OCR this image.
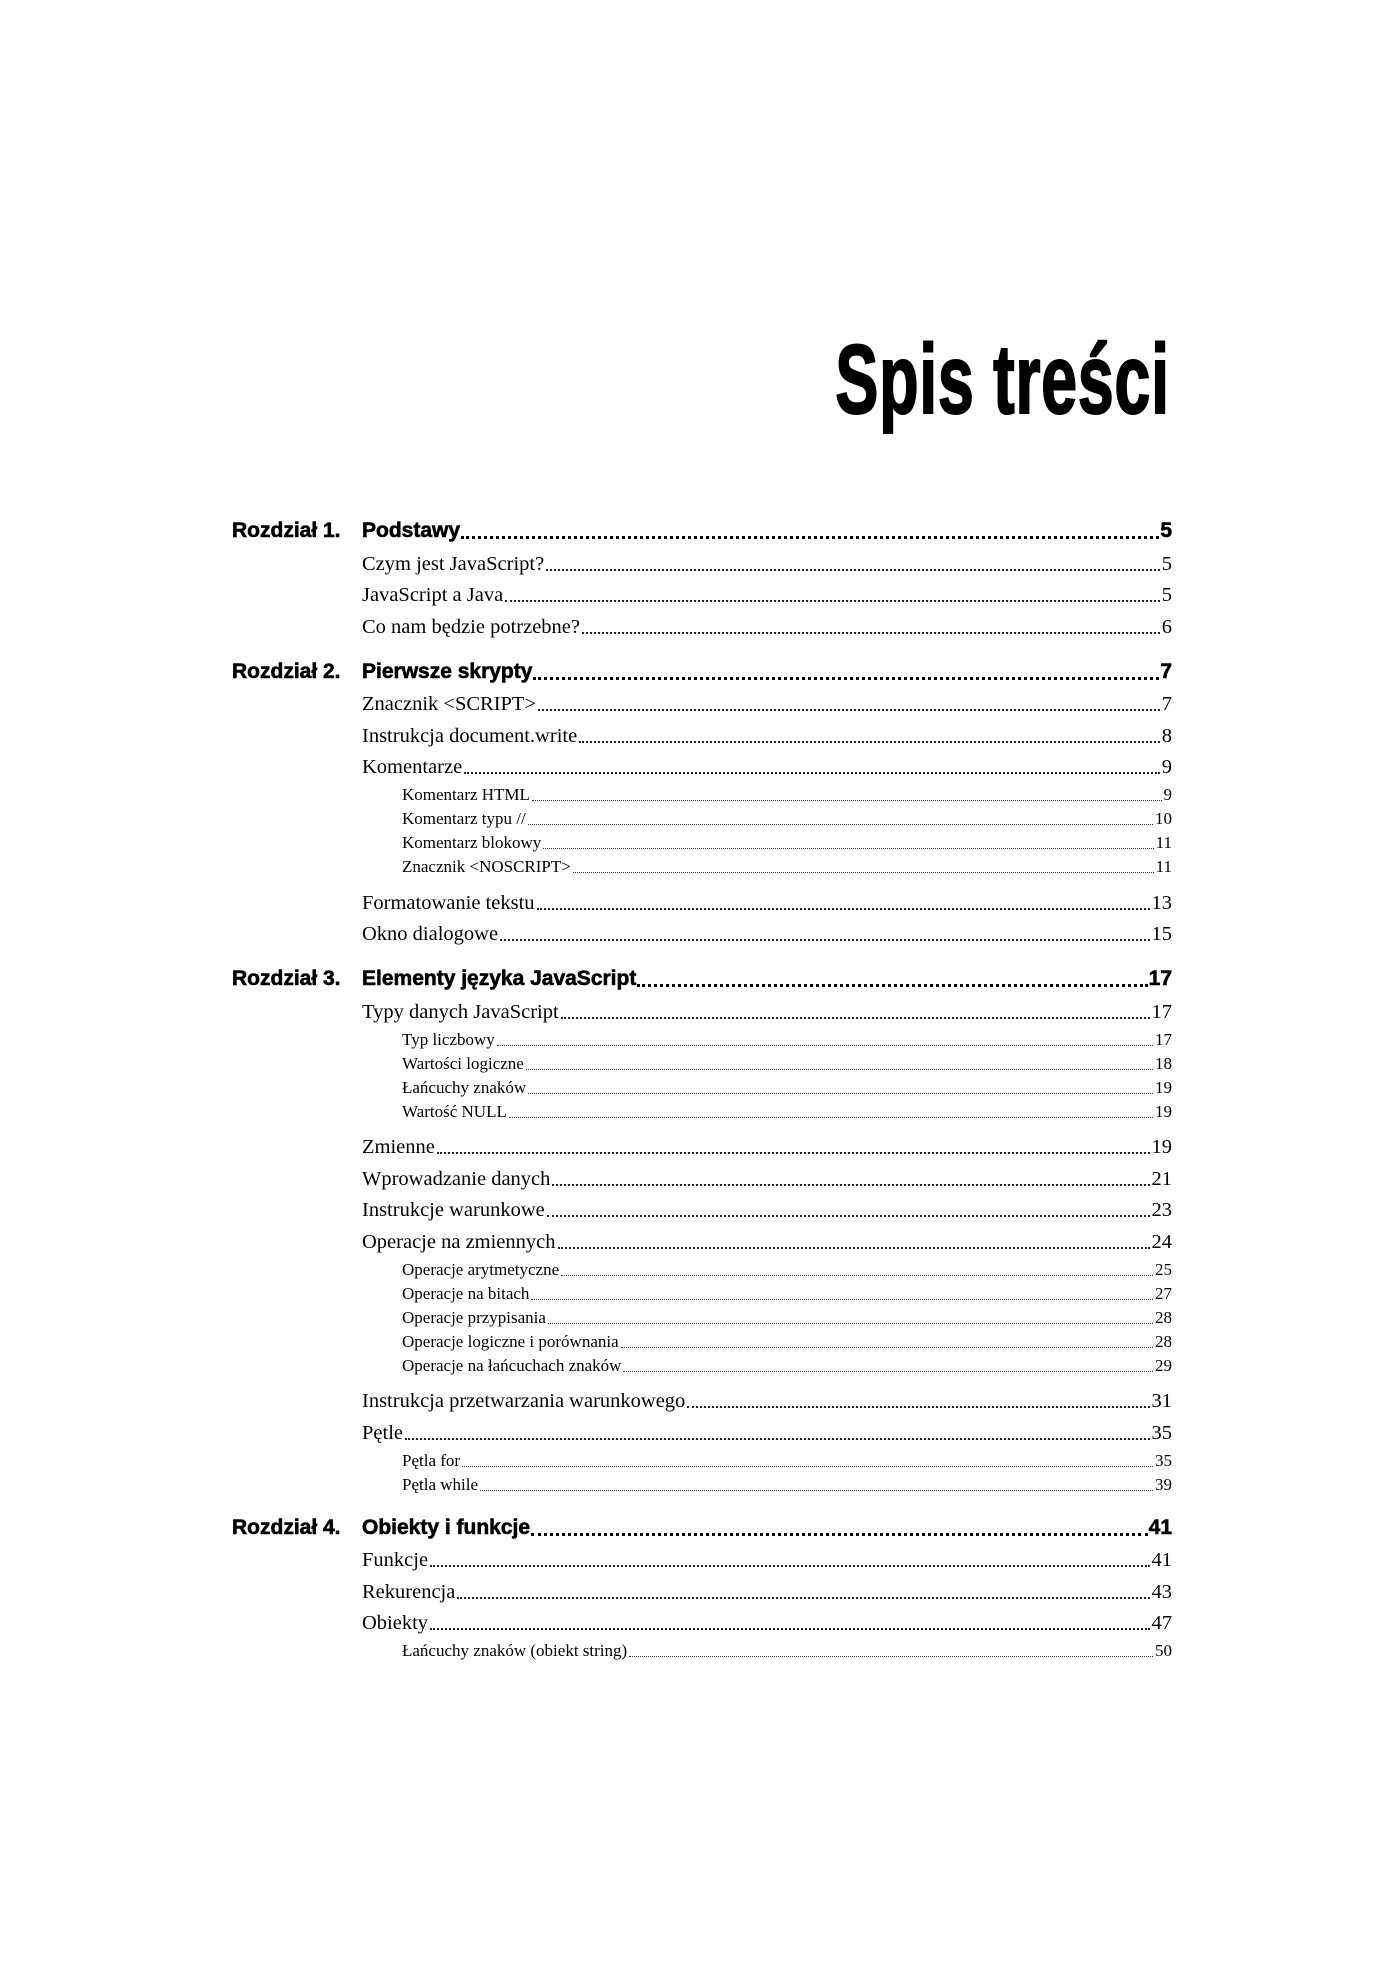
Spis treści
Rozdział 1.	Podstawy	5
Czym jest JavaScript?	5
JavaScript a Java	5
Co nam będzie potrzebne?	6
Rozdział 2.	Pierwsze skrypty	7
Znacznik <SCRIPT>	7
Instrukcja document.write	8
Komentarze	9
Komentarz HTML	9
Komentarz typu //	10
Komentarz blokowy	11
Znacznik <NOSCRIPT>	11
Formatowanie tekstu	13
Okno dialogowe	15
Rozdział 3.	Elementy języka JavaScript	17
Typy danych JavaScript	17
Typ liczbowy	17
Wartości logiczne	18
Łańcuchy znaków	19
Wartość NULL	19
Zmienne	19
Wprowadzanie danych	21
Instrukcje warunkowe	23
Operacje na zmiennych	24
Operacje arytmetyczne	25
Operacje na bitach	27
Operacje przypisania	28
Operacje logiczne i porównania	28
Operacje na łańcuchach znaków	29
Instrukcja przetwarzania warunkowego	31
Pętle	35
Pętla for	35
Pętla while	39
Rozdział 4.	Obiekty i funkcje	41
Funkcje	41
Rekurencja	43
Obiekty	47
Łańcuchy znaków (obiekt string)	50
